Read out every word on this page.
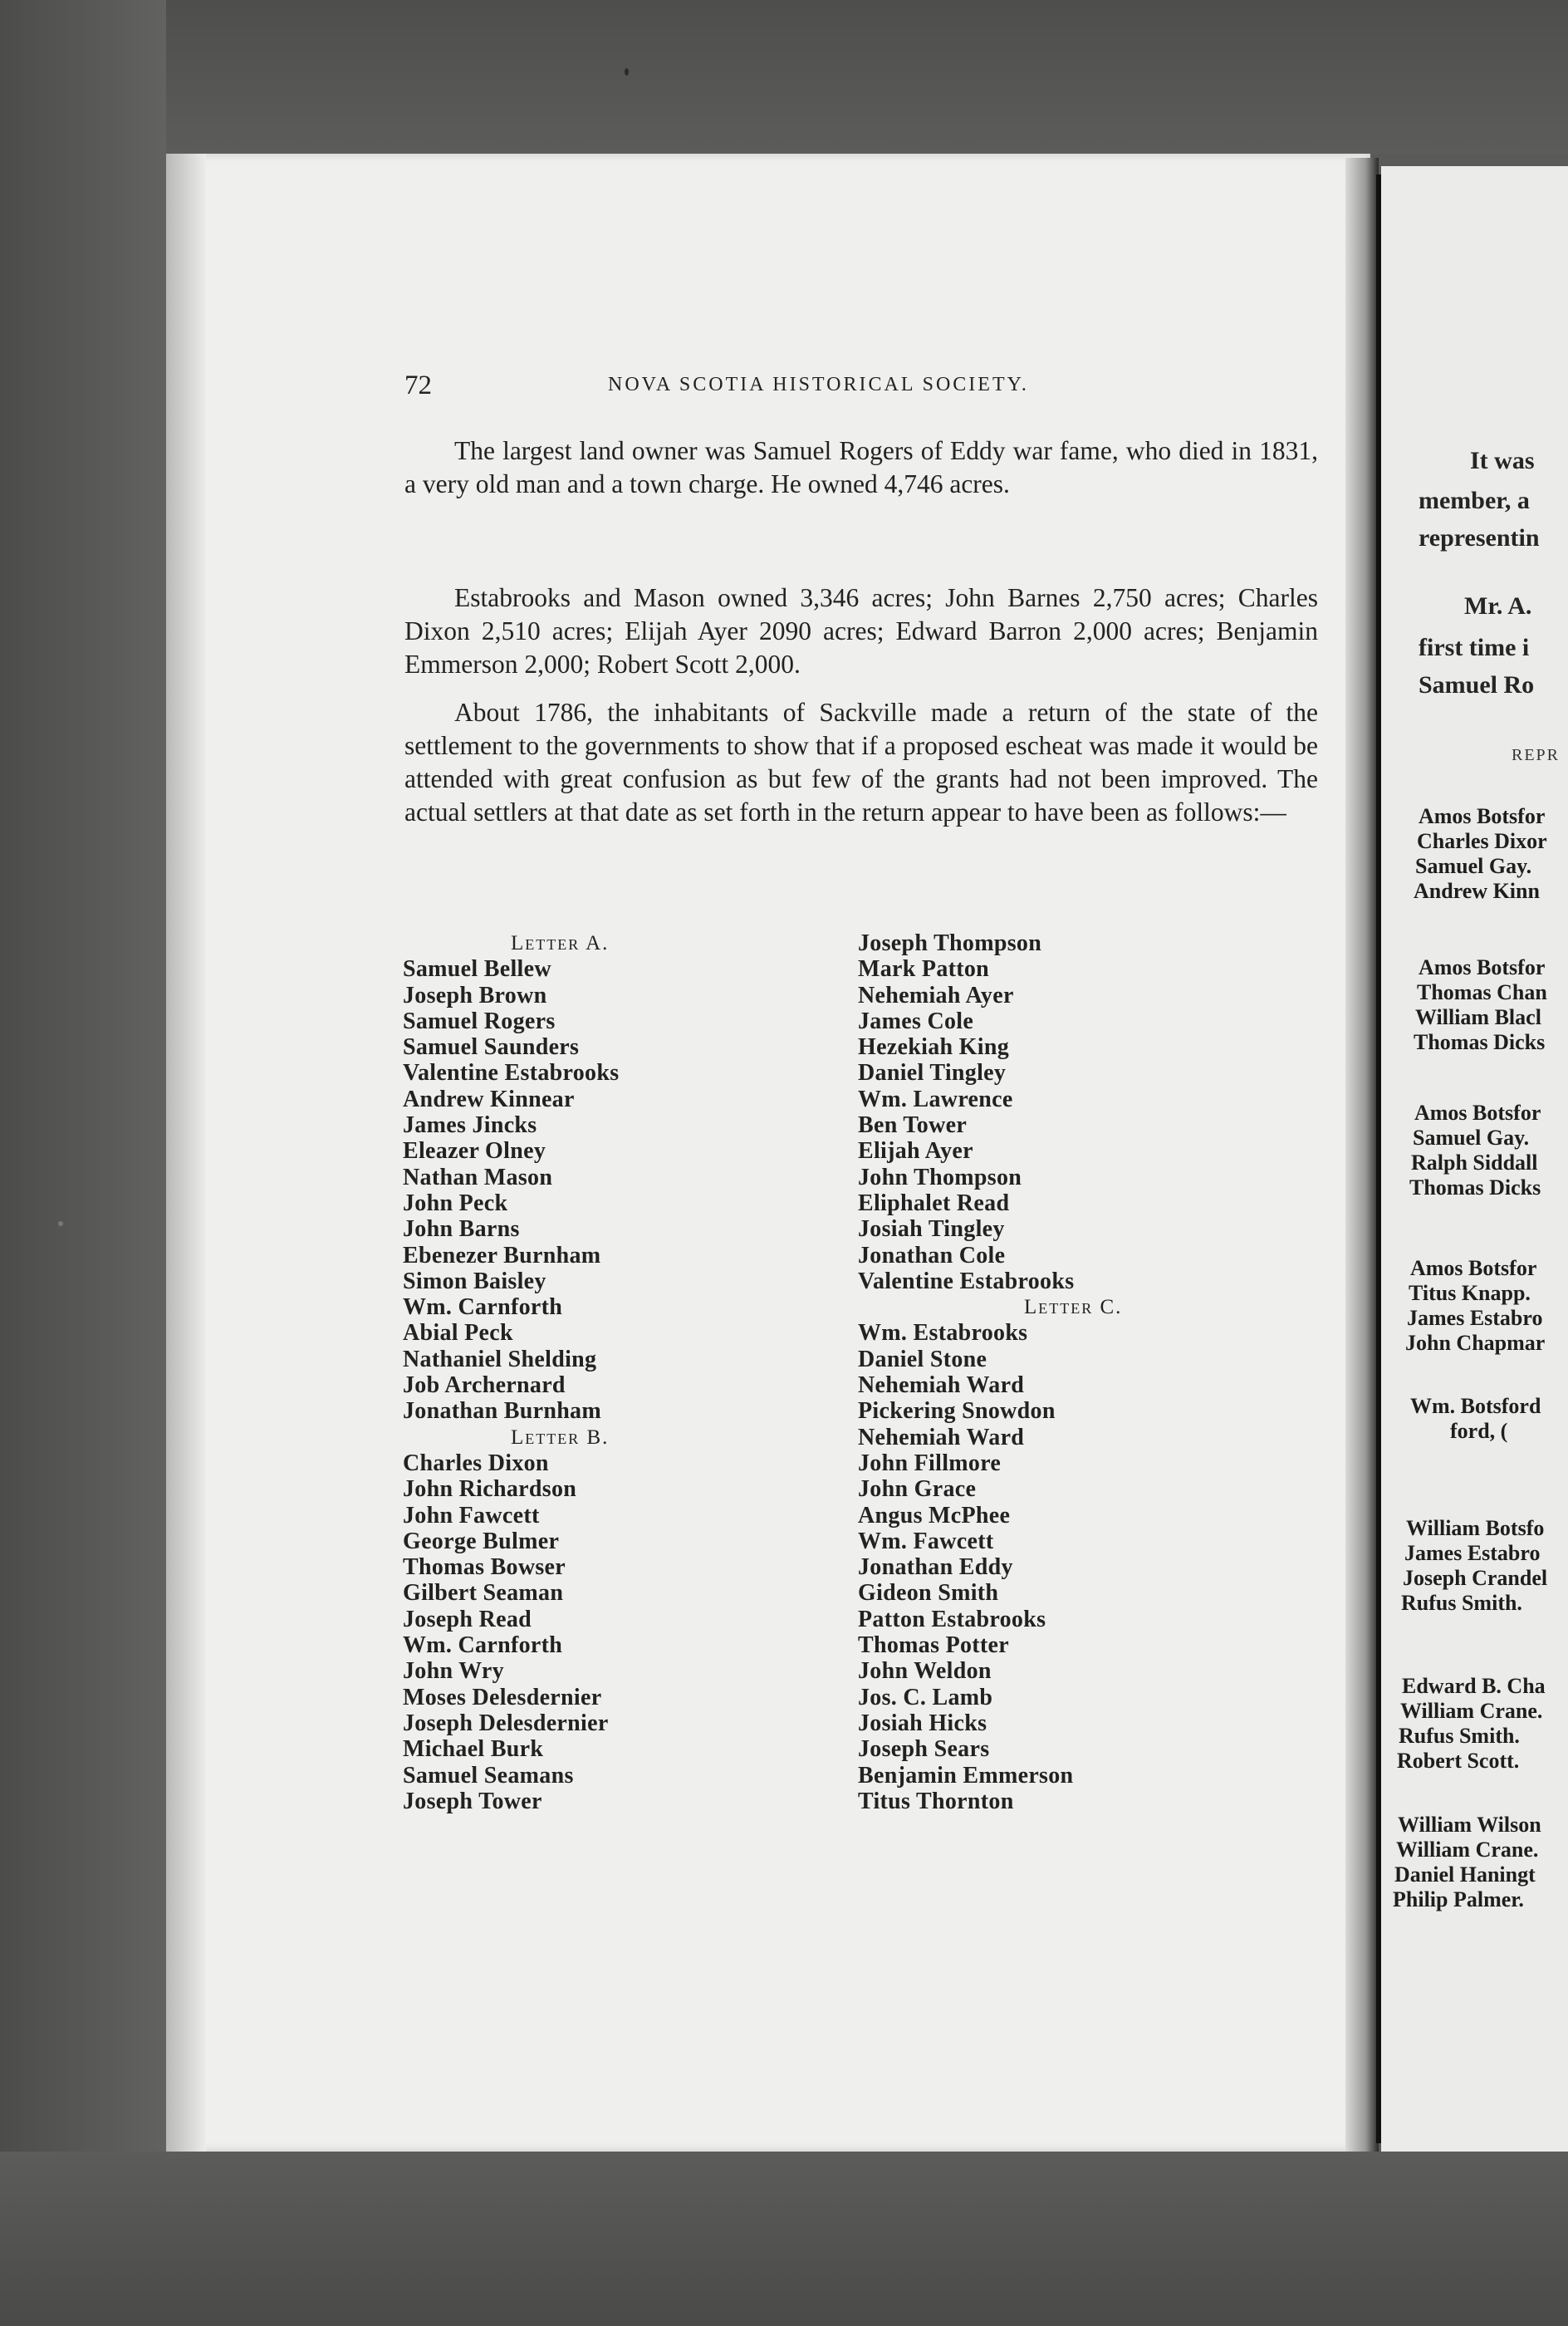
72	NOVA SCOTIA HISTORICAL SOCIETY.

The largest land owner was Samuel Rogers of Eddy war fame, who died in 1831, a very old man and a town charge. He owned 4,746 acres.

Estabrooks and Mason owned 3,346 acres; John Barnes 2,750 acres; Charles Dixon 2,510 acres; Elijah Ayer 2090 acres; Edward Barron 2,000 acres; Benjamin Emmerson 2,000; Robert Scott 2,000.

About 1786, the inhabitants of Sackville made a return of the state of the settlement to the governments to show that if a proposed escheat was made it would be attended with great confusion as but few of the grants had not been improved. The actual settlers at that date as set forth in the return appear to have been as follows:—

Letter A.
Samuel Bellew
Joseph Brown
Samuel Rogers
Samuel Saunders
Valentine Estabrooks
Andrew Kinnear
James Jincks
Eleazer Olney
Nathan Mason
John Peck
John Barns
Ebenezer Burnham
Simon Baisley
Wm. Carnforth
Abial Peck
Nathaniel Shelding
Job Archernard
Jonathan Burnham
Letter B.
Charles Dixon
John Richardson
John Fawcett
George Bulmer
Thomas Bowser
Gilbert Seaman
Joseph Read
Wm. Carnforth
John Wry
Moses Delesdernier
Joseph Delesdernier
Michael Burk
Samuel Seamans
Joseph Tower
Joseph Thompson
Mark Patton
Nehemiah Ayer
James Cole
Hezekiah King
Daniel Tingley
Wm. Lawrence
Ben Tower
Elijah Ayer
John Thompson
Eliphalet Read
Josiah Tingley
Jonathan Cole
Valentine Estabrooks
Letter C.
Wm. Estabrooks
Daniel Stone
Nehemiah Ward
Pickering Snowdon
Nehemiah Ward
John Fillmore
John Grace
Angus McPhee
Wm. Fawcett
Jonathan Eddy
Gideon Smith
Patton Estabrooks
Thomas Potter
John Weldon
Jos. C. Lamb
Josiah Hicks
Joseph Sears
Benjamin Emmerson
Titus Thornton
It was
member, a
representin
Mr. A.
first time i
Samuel Ro
REPR
Amos Botsfor
Charles Dixor
Samuel Gay.
Andrew Kinn
Amos Botsfor
Thomas Chan
William Blacl
Thomas Dicks
Amos Botsfor
Samuel Gay.
Ralph Siddall
Thomas Dicks
Amos Botsfor
Titus Knapp.
James Estabro
John Chapmar
Wm. Botsford
ford, (
William Botsfo
James Estabro
Joseph Crandel
Rufus Smith.
Edward B. Cha
William Crane.
Rufus Smith.
Robert Scott.
William Wilson
William Crane.
Daniel Haningt
Philip Palmer.
